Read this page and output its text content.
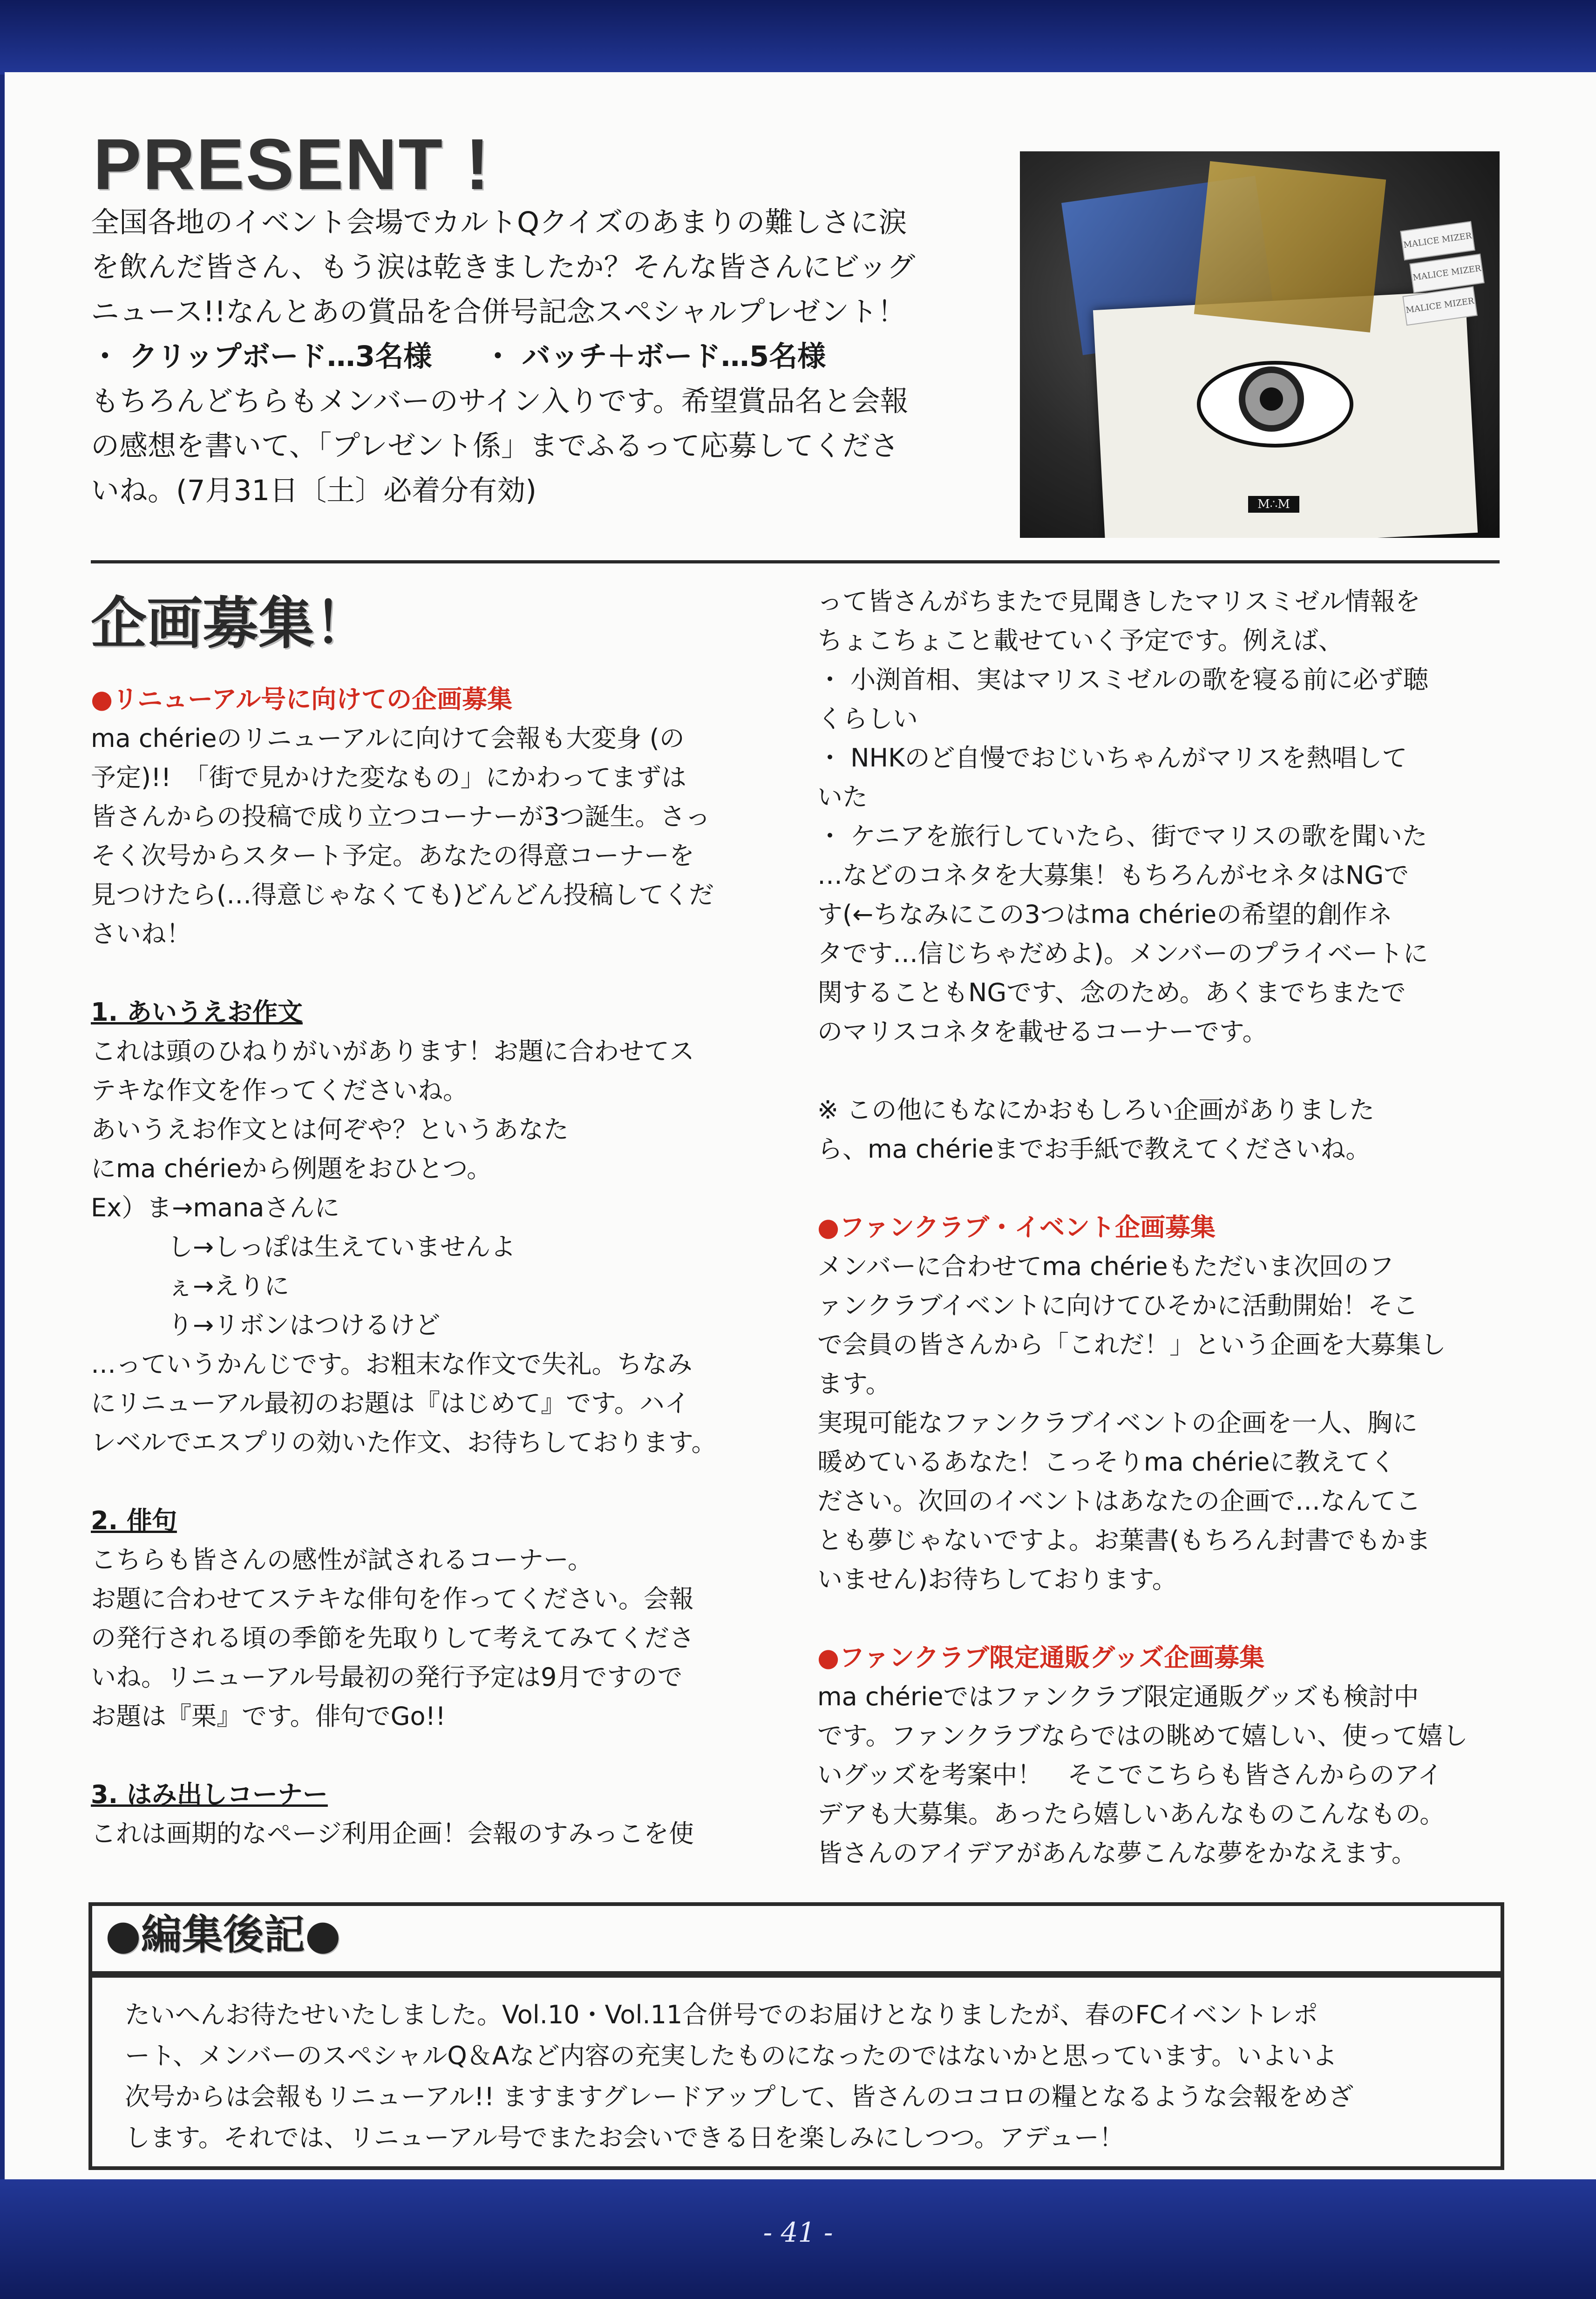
PRESENT !

全国各地のイベント会場でカルトQクイズのあまりの難しさに涙

を飲んだ皆さん、もう涙は乾きましたか？そんな皆さんにビッグ

ニュース!!なんとあの賞品を合併号記念スペシャルプレゼント！

・ クリップボード…3名様 ・ バッチ＋ボード…5名様

もちろんどちらもメンバーのサイン入りです。希望賞品名と会報

の感想を書いて、「プレゼント係」までふるって応募してくださ

いね。(7月31日〔土〕必着分有効)	M∴M
MALICE MIZER
MALICE MIZER
MALICE MIZER
企画募集！

●リニューアル号に向けての企画募集

ma chérieのリニューアルに向けて会報も大変身 (の

予定)!!　「街で見かけた変なもの」にかわってまずは

皆さんからの投稿で成り立つコーナーが3つ誕生。さっ

そく次号からスタート予定。あなたの得意コーナーを

見つけたら(…得意じゃなくても)どんどん投稿してくだ

さいね！

1. あいうえお作文

これは頭のひねりがいがあります！お題に合わせてス

テキな作文を作ってくださいね。

あいうえお作文とは何ぞや？というあなた

にma chérieから例題をおひとつ。

Ex）ま→manaさんに

し→しっぽは生えていませんよ

ぇ→えりに

り→リボンはつけるけど

…っていうかんじです。お粗末な作文で失礼。ちなみ

にリニューアル最初のお題は『はじめて』です。ハイ

レベルでエスプリの効いた作文、お待ちしております。

2. 俳句

こちらも皆さんの感性が試されるコーナー。

お題に合わせてステキな俳句を作ってください。会報

の発行される頃の季節を先取りして考えてみてくださ

いね。リニューアル号最初の発行予定は9月ですので

お題は『栗』です。俳句でGo!!

3. はみ出しコーナー

これは画期的なページ利用企画！会報のすみっこを使

って皆さんがちまたで見聞きしたマリスミゼル情報を

ちょこちょこと載せていく予定です。例えば、

・ 小渕首相、実はマリスミゼルの歌を寝る前に必ず聴

くらしい

・ NHKのど自慢でおじいちゃんがマリスを熱唱して

いた

・ ケニアを旅行していたら、街でマリスの歌を聞いた

…などのコネタを大募集！もちろんがセネタはNGで

す(←ちなみにこの3つはma chérieの希望的創作ネ

タです…信じちゃだめよ)。メンバーのプライベートに

関することもNGです、念のため。あくまでちまたで

のマリスコネタを載せるコーナーです。

※ この他にもなにかおもしろい企画がありました

ら、ma chérieまでお手紙で教えてくださいね。

●ファンクラブ・イベント企画募集

メンバーに合わせてma chérieもただいま次回のフ

ァンクラブイベントに向けてひそかに活動開始！そこ

で会員の皆さんから「これだ！」という企画を大募集し

ます。

実現可能なファンクラブイベントの企画を一人、胸に

暖めているあなた！こっそりma chérieに教えてく

ださい。次回のイベントはあなたの企画で…なんてこ

とも夢じゃないですよ。お葉書(もちろん封書でもかま

いません)お待ちしております。

●ファンクラブ限定通販グッズ企画募集

ma chérieではファンクラブ限定通販グッズも検討中

です。ファンクラブならではの眺めて嬉しい、使って嬉し

いグッズを考案中！　そこでこちらも皆さんからのアイ

デアも大募集。あったら嬉しいあんなものこんなもの。

皆さんのアイデアがあんな夢こんな夢をかなえます。

●編集後記●
たいへんお待たせいたしました。Vol.10・Vol.11合併号でのお届けとなりましたが、春のFCイベントレポ
ート、メンバーのスペシャルQ＆Aなど内容の充実したものになったのではないかと思っています。いよいよ
次号からは会報もリニューアル!! ますますグレードアップして、皆さんのココロの糧となるような会報をめざ
します。それでは、リニューアル号でまたお会いできる日を楽しみにしつつ。アデュー！
- 41 -
